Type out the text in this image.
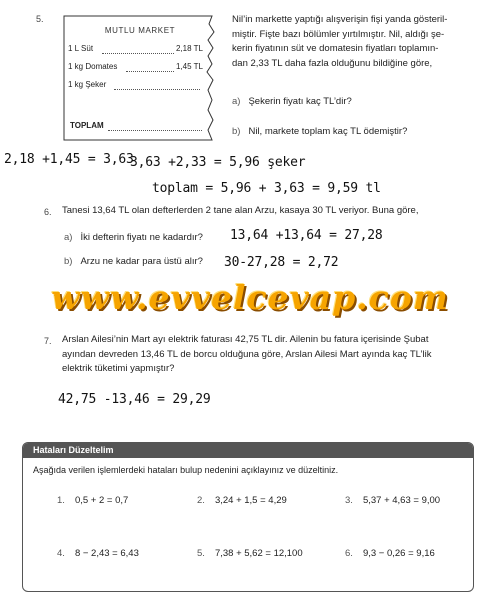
5.
MUTLU MARKET
1 L Süt	2,18 TL
1 kg Domates	1,45 TL
1 kg Şeker
TOPLAM
Nil’in markette yaptığı alışverişin fişi yanda gösteril-
miştir. Fişte bazı bölümler yırtılmıştır. Nil, aldığı şe-
kerin fiyatının süt ve domatesin fiyatları toplamın-
dan 2,33 TL daha fazla olduğunu bildiğine göre,
a) Şekerin fiyatı kaç TL’dir?
b) Nil, markete toplam kaç TL ödemiştir?
2,18 +1,45 = 3,63
3,63 +2,33 = 5,96 şeker
toplam = 5,96 + 3,63 = 9,59 tl
6. Tanesi 13,64 TL olan defterlerden 2 tane alan Arzu, kasaya 30 TL veriyor. Buna göre,
a) İki defterin fiyatı ne kadardır? 13,64 +13,64 = 27,28
b) Arzu ne kadar para üstü alır? 30-27,28 = 2,72
www.evvelcevap.com
7. Arslan Ailesi’nin Mart ayı elektrik faturası 42,75 TL dir. Ailenin bu fatura içerisinde Şubat
ayından devreden 13,46 TL de borcu olduğuna göre, Arslan Ailesi Mart ayında kaç TL’lik
elektrik tüketimi yapmıştır?
42,75 -13,46 = 29,29
Hataları Düzeltelim
Aşağıda verilen işlemlerdeki hataları bulup nedenini açıklayınız ve düzeltiniz.
1. 0,5 + 2 = 0,7	2. 3,24 + 1,5 = 4,29	3. 5,37 + 4,63 = 9,00
4. 8 − 2,43 = 6,43	5. 7,38 + 5,62 = 12,100	6. 9,3 − 0,26 = 9,16
